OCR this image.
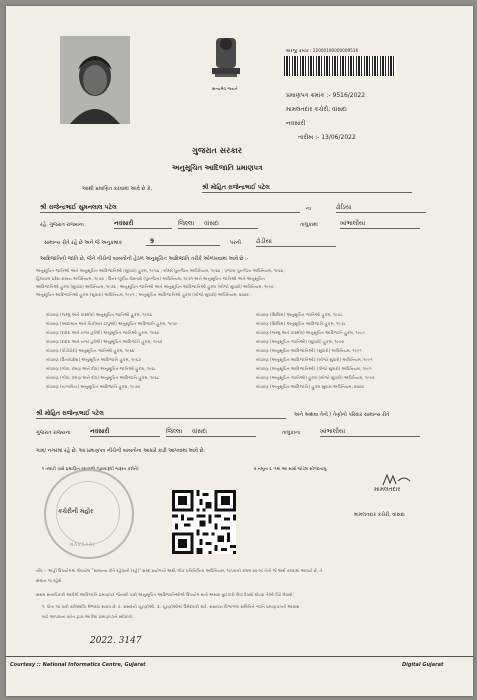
સત્યમેવ જયતે
અરજી ક્રમાંક : 22000190000009516
પ્રમાણપત્ર ક્રમાંક :- 9516/2022
મામલતદાર કચેરી, વાંસદા
નવસારી
તારીખ :- 13/06/2022
ગુજરાત સરકાર
અનુસૂચિત આદિજાતિ પ્રમાણપત્ર
આથી પ્રમાણિત કરવામાં આવે છે કે,	શ્રી મોહિત રાજેન્દ્રભાઈ પટેલ
શ્રી રાજેન્દ્રભાઈ સુમનલાલ પટેલ	ના	ઢોડિયા
રહે. ગુજરાત રાજ્યના	નવસારી	જિલ્લા વાંસદા	તાલુકામાં	ખાંભાલીયા
સામાન્ય રીતે રહે છે અને જે અનુક્રમાંક	9	પરની	ઢોડીયા
આદિજાતિની જાતિ છે, જેને નીચેની બાબતોની હેઠળ અનુસૂચિત આદિજાતિ તરીકે ઓળખવામાં આવે છે :-
અનુસૂચિત જાતિઓ અને અનુસૂચિત આદિજાતિઓ (સુધારા) હુકમ, ૧૯૫૬ ; બોમ્બે પુનર્ગઠન અધિનિયમ, ૧૯૬૦ ; પંજાબ પુનર્ગઠન અધિનિયમ, ૧૯૬૬ ;
હિમાચલ પ્રદેશ રાજ્ય અધિનિયમ, ૧૯૭૦ ; ઉત્તર-પૂર્વીય વિસ્તારો (પુનર્ગઠન) અધિનિયમ, ૧૯૭૧ અને અનુસૂચિત જાતિઓ અને અનુસૂચિત
આદિજાતિઓ હુકમ (સુધારા) અધિનિયમ, ૧૯૭૬ ; અનુસૂચિત જાતિઓ અને અનુસૂચિત આદિજાતિઓ હુકમ (બીજો સુધારો) અધિનિયમ, ૧૯૯૦
અનુસૂચિત આદિજાતિઓ હુકમ (સુધારા) અધિનિયમ, ૧૯૯૧ ; અનુસૂચિત આદિજાતિઓ હુકમ (બીજો સુધારો) અધિનિયમ, ૨૦૦૨ ;
બંધારણ (જમ્મુ અને કાશ્મીર) અનુસૂચિત જાતિઓ હુકમ, ૧૯૫૬
બંધારણ (આંદામાન અને નિકોબાર ટાપુઓ) અનુસૂચિત આદિજાતિ હુકમ, ૧૯૫૯
બંધારણ (દાદરા અને નગર હવેલી) અનુસૂચિત જાતિઓ હુકમ, ૧૯૬૨
બંધારણ (દાદરા અને નગર હવેલી) અનુસૂચિત આદિજાતિ હુકમ, ૧૯૬૨
બંધારણ (પોંડીચેરી) અનુસૂચિત જાતિઓ હુકમ, ૧૯૬૪
બંધારણ (ઉત્તરપ્રદેશ) અનુસૂચિત આદિજાતિ હુકમ, ૧૯૬૭
બંધારણ (ગોવા, દમણ અને દીવ) અનુસૂચિત જાતિઓ હુકમ, ૧૯૬૮
બંધારણ (ગોવા, દમણ અને દીવ) અનુસૂચિત આદિજાતિ હુકમ, ૧૯૬૮
બંધારણ (નાગાલેન્ડ) અનુસૂચિત આદિજાતિ હુકમ, ૧૯૭૦
બંધારણ (સિક્કિમ) અનુસૂચિત જાતિઓ હુકમ, ૧૯૭૮
બંધારણ (સિક્કિમ) અનુસૂચિત આદિજાતિ હુકમ, ૧૯૭૮
બંધારણ (જમ્મુ અને કાશ્મીર) અનુસૂચિત આદિજાતિ હુકમ, ૧૯૮૯
બંધારણ (અનુસૂચિત જાતિઓ) (સુધારો) હુકમ, ૧૯૯૦
બંધારણ (અનુસૂચિત આદિજાતિઓ) (સુધારો) અધિનિયમ, ૧૯૯૧
બંધારણ (અનુસૂચિત આદિજાતિઓ) (બીજો સુધારો) અધિનિયમ, ૧૯૯૧
બંધારણ (અનુસૂચિત આદિજાતિઓ) (ત્રીજો સુધારો) અધિનિયમ, ૧૯૯૧
બંધારણ (અનુસૂચિત જાતિઓ) હુકમ (બીજો સુધારો) અધિનિયમ, ૧૯૯૨
બંધારણ (અનુસૂચિત આદિજાતિ) હુકમ સુધારા અધિનિયમ, ૨૦૦૨
શ્રી મોહિત રાજેન્દ્રભાઈ પટેલ	અને અથવા તેનો / તેણીનો પરિવાર સામાન્ય રીતે
ગુજરાત રાજ્યના	નવસારી	જિલ્લા વાંસદા	તાલુકાના	ખાંભાલીયા
ગામ/ નગરમાં રહે છે. આ પ્રમાણપત્ર નીચેની બાબતોના આધારે કાઢી આપવામાં આવે છે.
૧ તલાટી પાસે પ્રમાણિત વંશાવળી (પુરાવારૂપી જરૂરત કરીને)	૨ નમૂના ૬ -૧માં આ સાથે જોડેલ સોગંદનામું.
કચેરીની મહોર
NAVSARI
મામલતદાર
મામલતદાર કચેરી, વાંસદા
નોંધ :- અહીં ઉપયોગમાં લેવાયેલ "સામાન્ય રીતે રહેવાની (રહે)" શબ્દ પ્રયોગનો અર્થ, લોક પ્રતિનિધિત્વ અધિનિયમ, ૧૯૫૦ની કલમ ૨૦-માં તેનો જે અર્થ કરવામાં આવ્યો છે, તે
સમાન જ રહેશે.
સક્ષમ સત્તાધિકારી આપેલો આદિજાતિ પ્રમાણપત્ર જેનાથી પછી અનુસૂચિત આદિજાતિઓએ ઉપયોગ થતો અથવા છુટકારો લેવા દેવાશે ઘોષણ તેઓ વિષે લેવાશે:
૧. પોતા ૧૦ પછી સ્કોલર્શીપ મેળવવા સાવધ છે. ૨. સંસદની ચૂંટણીઓ. ૩. ચૂંટણીઓમાં ઉમેદવારી માટે. સંસાધન વિભાગમાં સમિતિને જાતિ પ્રમાણપત્રની આવાશ
માટે આપવાના સ્ત્રોત દ્વારા આપેલા પ્રમાણપત્રને સ્વીકારો.
2022. 3147
Courtesy :: National Informatics Centre, Gujarat	Digital Gujarat
